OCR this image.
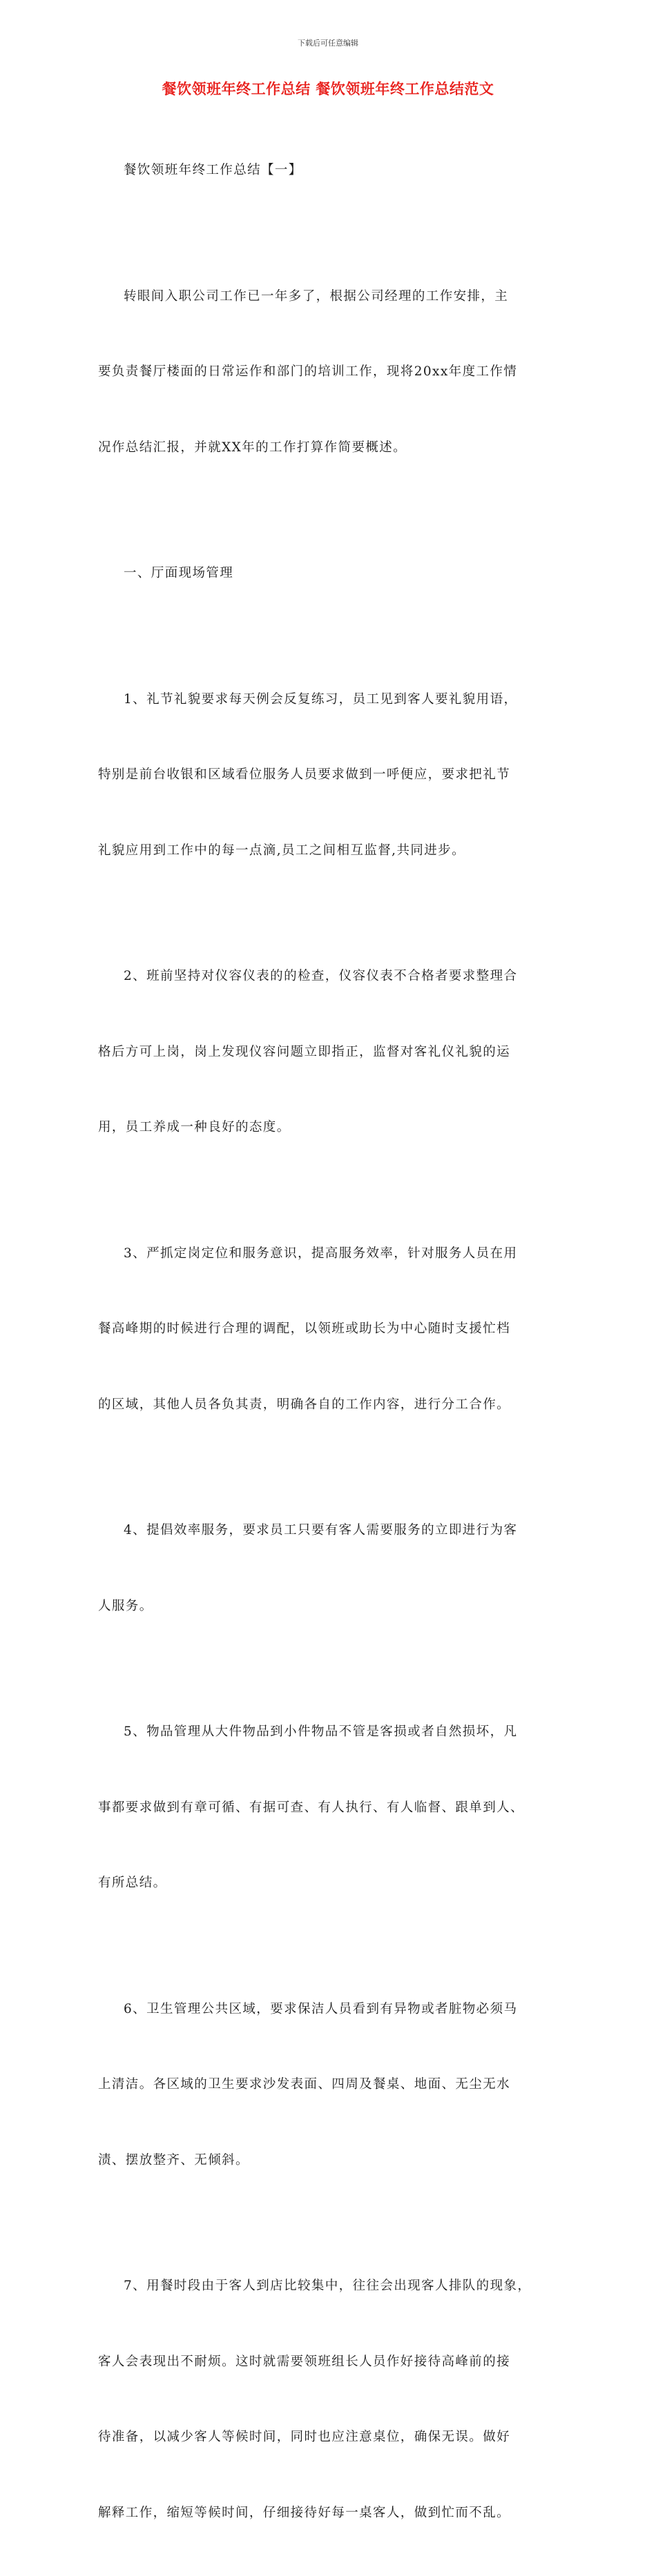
下载后可任意编辑
餐饮领班年终工作总结 餐饮领班年终工作总结范文

餐饮领班年终工作总结【一】

转眼间入职公司工作已一年多了，根据公司经理的工作安排，主

要负责餐厅楼面的日常运作和部门的培训工作，现将20xx年度工作情

况作总结汇报，并就XX年的工作打算作简要概述。

一、厅面现场管理

1、礼节礼貌要求每天例会反复练习，员工见到客人要礼貌用语，

特别是前台收银和区域看位服务人员要求做到一呼便应，要求把礼节

礼貌应用到工作中的每一点滴,员工之间相互监督,共同进步。

2、班前坚持对仪容仪表的的检查，仪容仪表不合格者要求整理合

格后方可上岗，岗上发现仪容问题立即指正，监督对客礼仪礼貌的运

用，员工养成一种良好的态度。

3、严抓定岗定位和服务意识，提高服务效率，针对服务人员在用

餐高峰期的时候进行合理的调配，以领班或助长为中心随时支援忙档

的区域，其他人员各负其责，明确各自的工作内容，进行分工合作。

4、提倡效率服务，要求员工只要有客人需要服务的立即进行为客

人服务。

5、物品管理从大件物品到小件物品不管是客损或者自然损坏，凡

事都要求做到有章可循、有据可查、有人执行、有人临督、跟单到人、

有所总结。

6、卫生管理公共区域，要求保洁人员看到有异物或者脏物必须马

上清洁。各区域的卫生要求沙发表面、四周及餐桌、地面、无尘无水

渍、摆放整齐、无倾斜。

7、用餐时段由于客人到店比较集中，往往会出现客人排队的现象，

客人会表现出不耐烦。这时就需要领班组长人员作好接待高峰前的接

待准备，以减少客人等候时间，同时也应注意桌位，确保无误。做好

解释工作，缩短等候时间，仔细接待好每一桌客人，做到忙而不乱。
